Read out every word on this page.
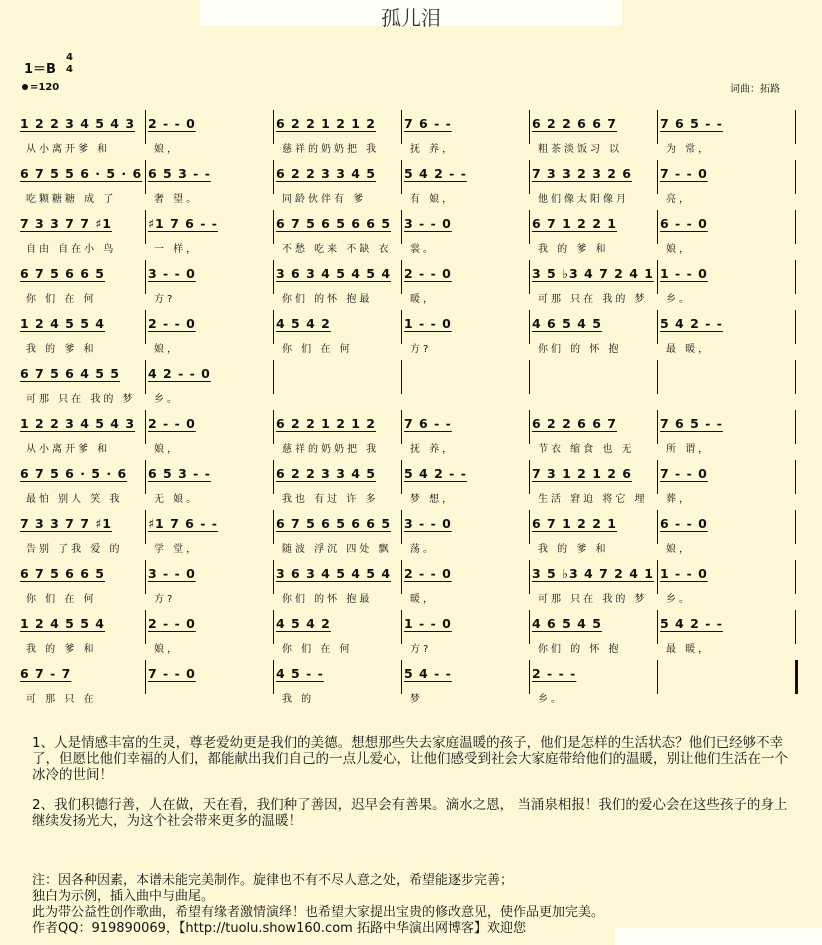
孤儿泪
1＝B
4
4
=120	词曲：拓路
1 2 2 3 4 5 4 3 2 - - 0	6 2 2 1 2 1 2 7 6 - -	6 2 2 6 6 7	7 6 5 - -
从小离开爹 和	娘，	慈祥的奶奶把 我	抚 养，	粗茶淡饭习 以	为 常，
6 7 5 5 6 · 5 · 6 6 5 3 - -	6 2 2 3 3 4 5 5 4 2 - -	7 3 3 2 3 2 6 7 - - 0
吃颗糖糖 成 了	奢 望。	同龄伙伴有 爹	有 娘，	他们像太阳像月	亮，
7 3 3 7 7 ♯1	♯1 7 6 - -	6 7 5 6 5 6 6 5 3 - - 0	6 7 1 2 2 1	6 - - 0
自由 自在小 鸟	一 样，	不愁 吃来 不缺 衣 裳。	我 的 爹 和	娘，
6 7 5 6 6 5	3 - - 0	3 6 3 4 5 4 5 4 2 - - 0	3 5 ♭3 4 7 2 4 1 1 - - 0
你 们 在 何	方?	你们 的怀 抱最	暖，	可那 只在 我的 梦 乡。
1 2 4 5 5 4	2 - - 0	4 5 4 2	1 - - 0	4 6 5 4 5	5 4 2 - -
我 的 爹 和	娘，	你 们 在 何	方?	你们 的 怀 抱	最 暖，
6 7 5 6 4 5 5 4 2 - - 0
可那 只在 我的 梦 乡。
1 2 2 3 4 5 4 3 2 - - 0	6 2 2 1 2 1 2 7 6 - -	6 2 2 6 6 7	7 6 5 - -
从小离开爹 和	娘，	慈祥的奶奶把 我	抚 养，	节衣 缩食 也 无	所 谓，
6 7 5 6 · 5 · 6 6 5 3 - -	6 2 2 3 3 4 5 5 4 2 - -	7 3 1 2 1 2 6 7 - - 0
最怕 别人 笑 我	无 娘。	我也 有过 许 多	梦 想，	生活 窘迫 将它 埋 葬，
7 3 3 7 7 ♯1	♯1 7 6 - -	6 7 5 6 5 6 6 5 3 - - 0	6 7 1 2 2 1	6 - - 0
告别 了我 爱 的	学 堂，	随波 浮沉 四处 飘 荡。	我 的 爹 和	娘，
6 7 5 6 6 5	3 - - 0	3 6 3 4 5 4 5 4 2 - - 0	3 5 ♭3 4 7 2 4 1 1 - - 0
你 们 在 何	方?	你们 的怀 抱最	暖，	可那 只在 我的 梦 乡。
1 2 4 5 5 4	2 - - 0	4 5 4 2	1 - - 0	4 6 5 4 5	5 4 2 - -
我 的 爹 和	娘，	你 们 在 何	方?	你们 的 怀 抱	最 暖，
6 7 - 7	7 - - 0	4 5 - -	5 4 - -	2 - - -
可 那 只 在	我 的	梦	乡。

1、人是情感丰富的生灵，尊老爱幼更是我们的美德。想想那些失去家庭温暖的孩子，他们是怎样的生活状态？他们已经够不幸了，但愿比他们幸福的人们，都能献出我们自己的一点儿爱心，让他们感受到社会大家庭带给他们的温暖，别让他们生活在一个冰冷的世间！

2、我们积德行善，人在做，天在看，我们种了善因，迟早会有善果。滴水之恩， 当涌泉相报！我们的爱心会在这些孩子的身上继续发扬光大，为这个社会带来更多的温暖！

注：因各种因素，本谱未能完美制作。旋律也不有不尽人意之处，希望能逐步完善；
独白为示例，插入曲中与曲尾。
此为带公益性创作歌曲，希望有缘者激情演绎！也希望大家提出宝贵的修改意见，使作品更加完美。
作者QQ：919890069，【http://tuolu.show160.com 拓路中华演出网博客】欢迎您
